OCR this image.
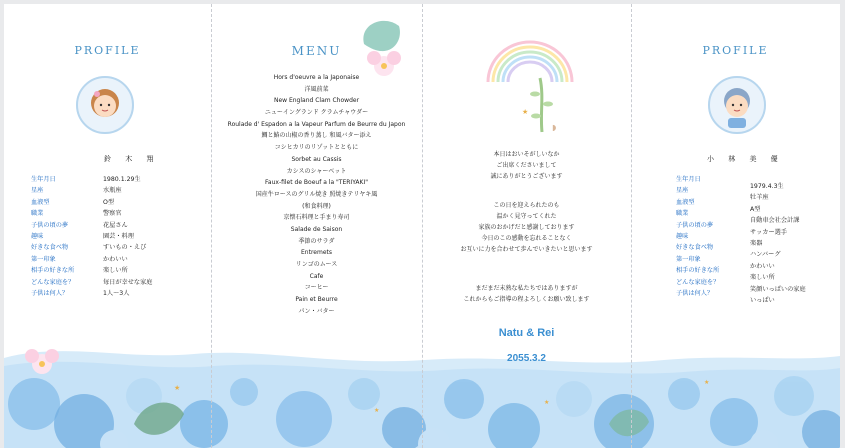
★
★
★
★
PROFILE
鈴 木 翔
生年月日
星座
血液型
職業
子供の頃の夢
趣味
好きな食べ物
第一印象
相手の好きな所
どんな家庭を？
子供は何人？
1980.1.29生
水瓶座
O型
警察官
花屋さん
園芸・料理
すいもの・えび
かわいい
楽しい所
毎日が幸せな家庭
1人～3人
MENU
Hors d'oeuvre a la Japonaise
洋風前菜
New England Clam Chowder
ニューイングランド クラムチャウダー
Roulade d' Espadon a la Vapeur Parfum de Beurre du Japon
鯛と鰆の山椒の香り蒸し 和風バター添え
コシヒカリのリゾットとともに
Sorbet au Cassis
カシスのシャーベット
Faux-filet de Boeuf a la "TERIYAKI"
国産牛ロースのグリル焼き 照焼きテリヤキ風
(和食料理)
京懐石料理と手まり寿司
Salade de Saison
季節のサラダ
Entremets
リンゴのムース
Cafe
コーヒー
Pain et Beurre
パン・バター
★
◗
本日はおいそがしいなか
ご出席くださいまして
誠にありがとうございます
この日を迎えられたのも
温かく見守ってくれた
家族のおかげだと感謝しております
今日のこの感動を忘れることなく
お互いに力を合わせて歩んでいきたいと思います
まだまだ未熟な私たちではありますが
これからもご指導の程よろしくお願い致します
Natu & Rei
2055.3.2
PROFILE
小 林 美 優
生年月日
星座
血液型
職業
子供の頃の夢
趣味
好きな食べ物
第一印象
相手の好きな所
どんな家庭を？
子供は何人？
1979.4.3生
牡羊座
A型
自動車会社会計課
サッカー選手
楽器
ハンバーグ
かわいい
楽しい所
笑顔いっぱいの家庭
いっぱい
